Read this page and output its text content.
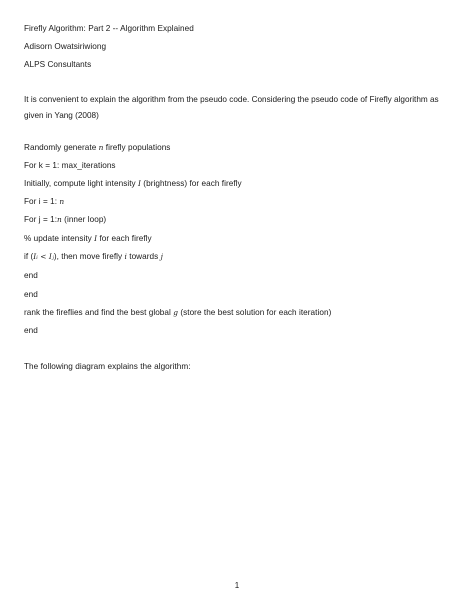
Firefly Algorithm: Part 2 -- Algorithm Explained
Adisorn Owatsiriwiong
ALPS Consultants
It is convenient to explain the algorithm from the pseudo code. Considering the pseudo code of Firefly algorithm as given in Yang (2008)
Randomly generate n firefly populations
For k = 1: max_iterations
Initially, compute light intensity I (brightness) for each firefly
For i = 1: n
For j = 1:n (inner loop)
% update intensity I for each firefly
if (Iᵢ < Iⱼ), then move firefly i towards j
end
end
rank the fireflies and find the best global g (store the best solution for each iteration)
end
The following diagram explains the algorithm:
1
